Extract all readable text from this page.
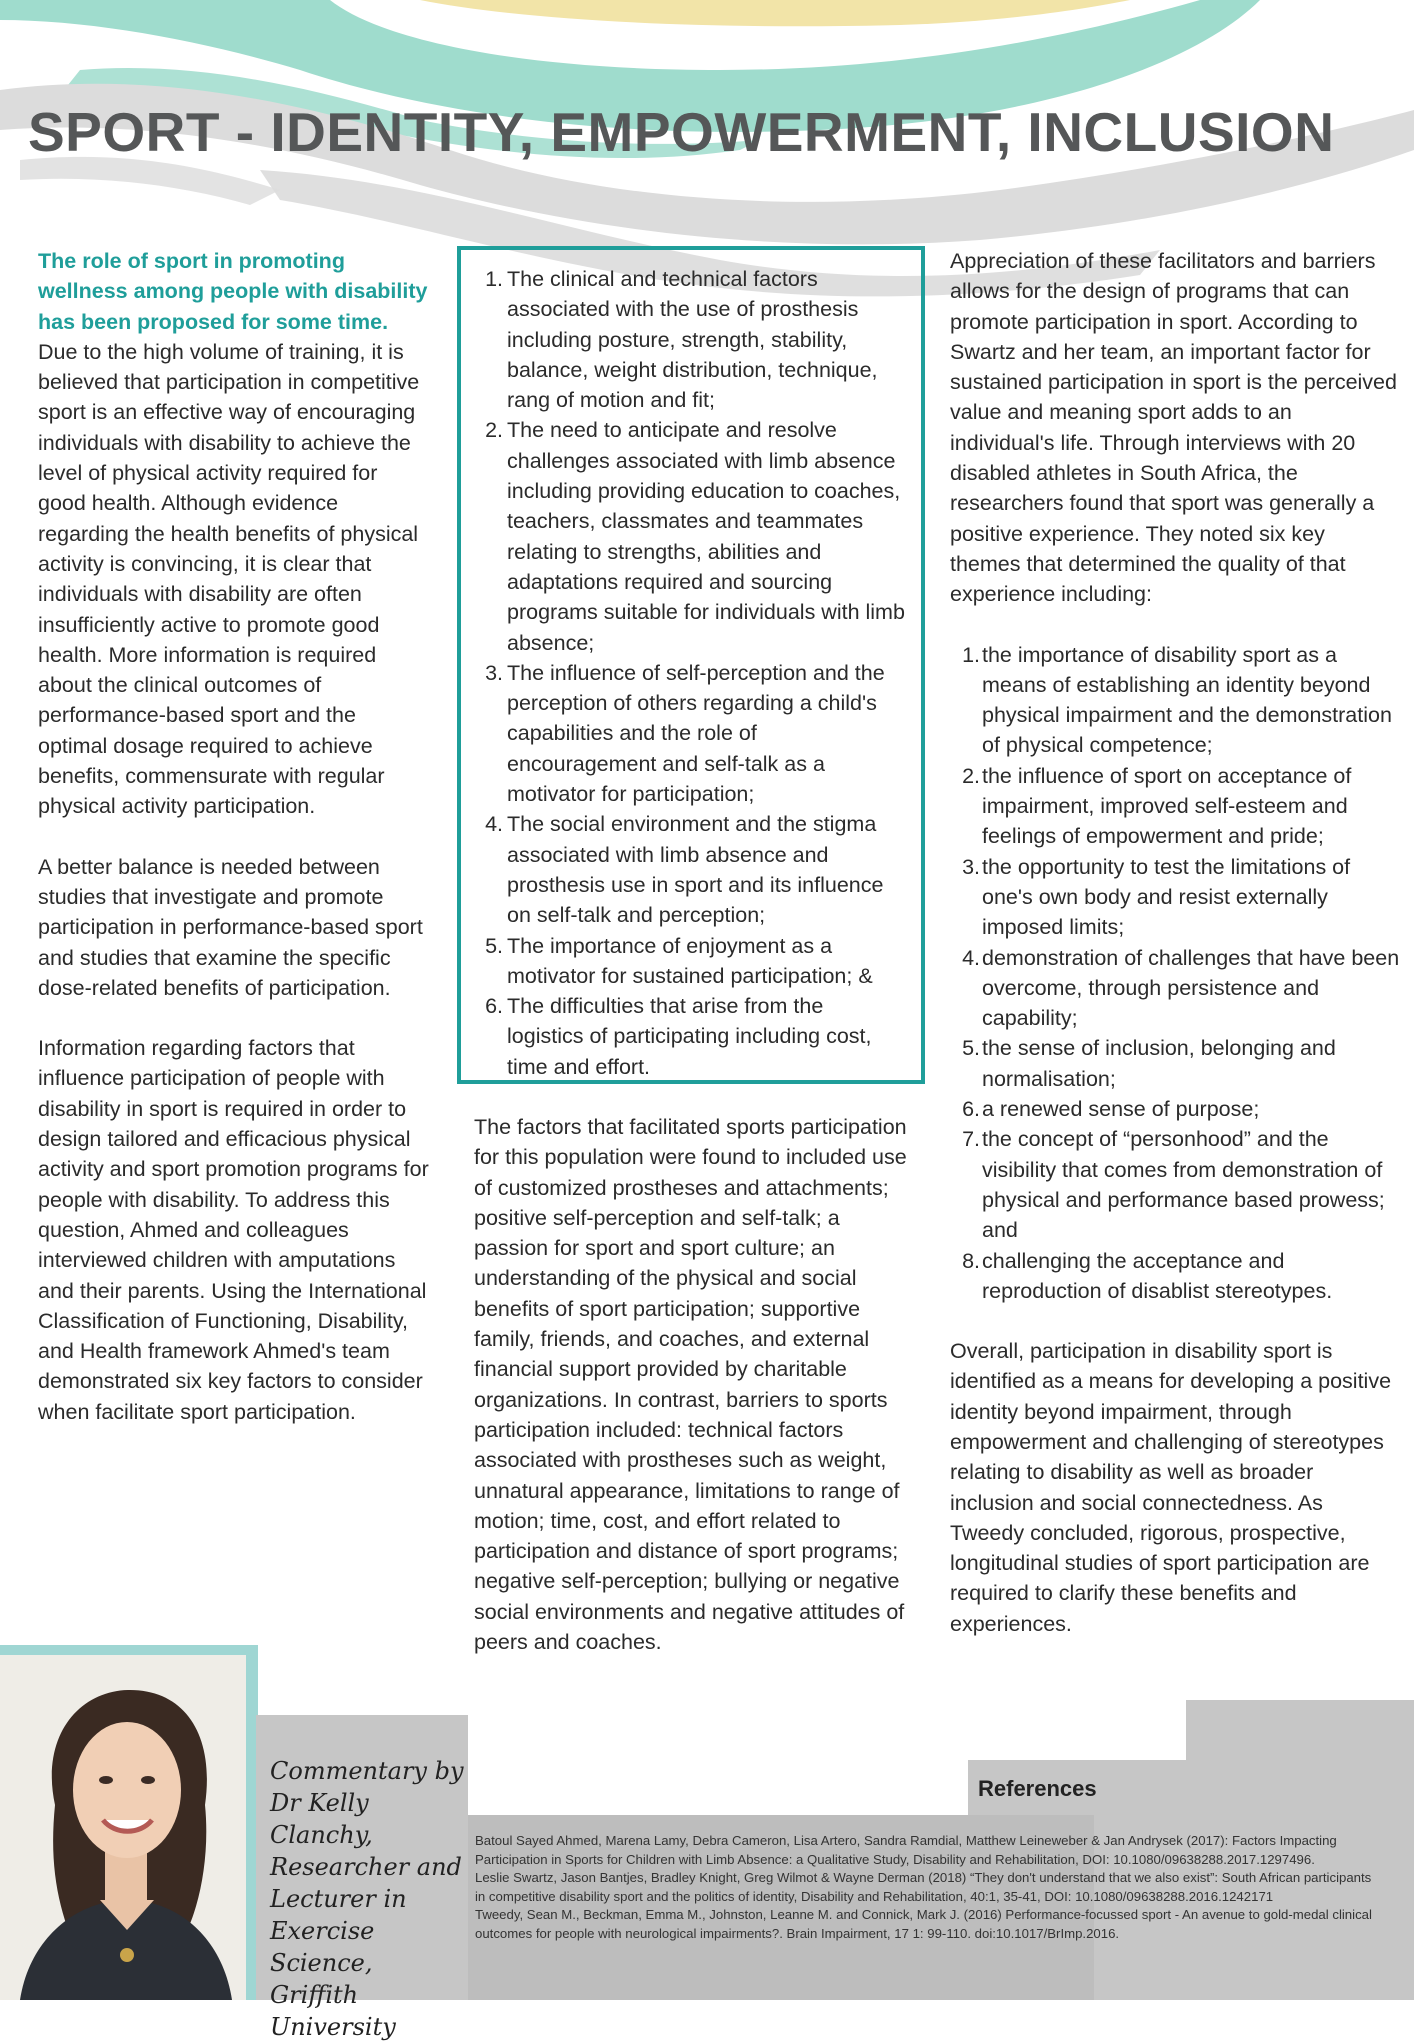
SPORT - IDENTITY, EMPOWERMENT, INCLUSION

The role of sport in promoting wellness among people with disability has been proposed for some time. Due to the high volume of training, it is believed that participation in competitive sport is an effective way of encouraging individuals with disability to achieve the level of physical activity required for good health. Although evidence regarding the health benefits of physical activity is convincing, it is clear that individuals with disability are often insufficiently active to promote good health. More information is required about the clinical outcomes of performance-based sport and the optimal dosage required to achieve benefits, commensurate with regular physical activity participation.

A better balance is needed between studies that investigate and promote participation in performance-based sport and studies that examine the specific dose-related benefits of participation.

Information regarding factors that influence participation of people with disability in sport is required in order to design tailored and efficacious physical activity and sport promotion programs for people with disability. To address this question, Ahmed and colleagues interviewed children with amputations and their parents. Using the International Classification of Functioning, Disability, and Health framework Ahmed's team demonstrated six key factors to consider when facilitate sport participation.

1. The clinical and technical factors associated with the use of prosthesis including posture, strength, stability, balance, weight distribution, technique, rang of motion and fit;
2. The need to anticipate and resolve challenges associated with limb absence including providing education to coaches, teachers, classmates and teammates relating to strengths, abilities and adaptations required and sourcing programs suitable for individuals with limb absence;
3. The influence of self-perception and the perception of others regarding a child's capabilities and the role of encouragement and self-talk as a motivator for participation;
4. The social environment and the stigma associated with limb absence and prosthesis use in sport and its influence on self-talk and perception;
5. The importance of enjoyment as a motivator for sustained participation; &
6. The difficulties that arise from the logistics of participating including cost, time and effort.

The factors that facilitated sports participation for this population were found to included use of customized prostheses and attachments; positive self-perception and self-talk; a passion for sport and sport culture; an understanding of the physical and social benefits of sport participation; supportive family, friends, and coaches, and external financial support provided by charitable organizations. In contrast, barriers to sports participation included: technical factors associated with prostheses such as weight, unnatural appearance, limitations to range of motion; time, cost, and effort related to participation and distance of sport programs; negative self-perception; bullying or negative social environments and negative attitudes of peers and coaches.

Appreciation of these facilitators and barriers allows for the design of programs that can promote participation in sport. According to Swartz and her team, an important factor for sustained participation in sport is the perceived value and meaning sport adds to an individual's life. Through interviews with 20 disabled athletes in South Africa, the researchers found that sport was generally a positive experience. They noted six key themes that determined the quality of that experience including:

1. the importance of disability sport as a means of establishing an identity beyond physical impairment and the demonstration of physical competence;
2. the influence of sport on acceptance of impairment, improved self-esteem and feelings of empowerment and pride;
3. the opportunity to test the limitations of one's own body and resist externally imposed limits;
4. demonstration of challenges that have been overcome, through persistence and capability;
5. the sense of inclusion, belonging and normalisation;
6. a renewed sense of purpose;
7. the concept of “personhood” and the visibility that comes from demonstration of physical and performance based prowess; and
8. challenging the acceptance and reproduction of disablist stereotypes.

Overall, participation in disability sport is identified as a means for developing a positive identity beyond impairment, through empowerment and challenging of stereotypes relating to disability as well as broader inclusion and social connectedness. As Tweedy concluded, rigorous, prospective, longitudinal studies of sport participation are required to clarify these benefits and experiences.

Commentary by
Dr Kelly Clanchy,
Researcher and
Lecturer in
Exercise Science,
Griffith University
References
Batoul Sayed Ahmed, Marena Lamy, Debra Cameron, Lisa Artero, Sandra Ramdial, Matthew Leineweber & Jan Andrysek (2017): Factors Impacting Participation in Sports for Children with Limb Absence: a Qualitative Study, Disability and Rehabilitation, DOI: 10.1080/09638288.2017.1297496.
Leslie Swartz, Jason Bantjes, Bradley Knight, Greg Wilmot & Wayne Derman (2018) “They don't understand that we also exist”: South African participants in competitive disability sport and the politics of identity, Disability and Rehabilitation, 40:1, 35-41, DOI: 10.1080/09638288.2016.1242171
Tweedy, Sean M., Beckman, Emma M., Johnston, Leanne M. and Connick, Mark J. (2016) Performance-focussed sport - An avenue to gold-medal clinical outcomes for people with neurological impairments?. Brain Impairment, 17 1: 99-110. doi:10.1017/BrImp.2016.
